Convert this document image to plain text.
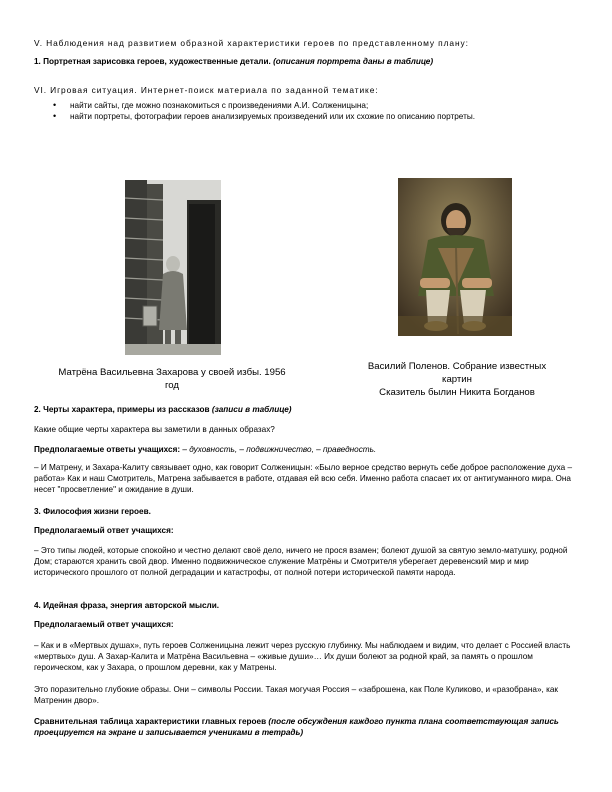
V. Наблюдения над развитием образной характеристики героев по представленному плану:
1. Портретная зарисовка героев, художественные детали. (описания портрета даны в таблице)
VI. Игровая ситуация. Интернет-поиск материала по заданной тематике:
• найти сайты, где можно познакомиться с произведениями А.И. Солженицына;
• найти портреты, фотографии героев анализируемых произведений или их схожие по описанию портреты.
Матрёна Васильевна Захарова у своей избы. 1956
год
Василий Поленов. Собрание известных
картин
Сказитель былин Никита Богданов
2. Черты характера, примеры из рассказов (записи в таблице)
Какие общие черты характера вы заметили в данных образах?
Предполагаемые ответы учащихся: – духовность, – подвижничество, – праведность.
– И Матрену, и Захара-Калиту связывает одно, как говорит Солженицын: «Было верное средство вернуть себе доброе расположение духа – работа» Как и наш Смотритель, Матрена забывается в работе, отдавая ей всю себя. Именно работа спасает их от антигуманного мира. Она несет "просветление" и ожидание в души.
3. Философия жизни героев.
Предполагаемый ответ учащихся:
– Это типы людей, которые спокойно и честно делают своё дело, ничего не прося взамен; болеют душой за святую земло-матушку, родной Дом; стараются хранить свой двор. Именно подвижническое служение Матрёны и Смотрителя уберегает деревенский мир и мир исторического прошлого от полной деградации и катастрофы, от полной потери исторической памяти народа.
4. Идейная фраза, энергия авторской мысли.
Предполагаемый ответ учащихся:
– Как и в «Мертвых душах», путь героев Солженицына лежит через русскую глубинку. Мы наблюдаем и видим, что делает с Россией власть «мертвых» душ. А Захар-Калита и Матрёна Васильевна – «живые души»… Их души болеют за родной край, за память о прошлом героическом, как у Захара, о прошлом деревни, как у Матрены.
Это поразительно глубокие образы. Они – символы России. Такая могучая Россия – «заброшена, как Поле Куликово, и «разобрана», как Матренин двор».
Сравнительная таблица характеристики главных героев (после обсуждения каждого пункта плана соответствующая запись проецируется на экране и записывается учениками в тетрадь)
